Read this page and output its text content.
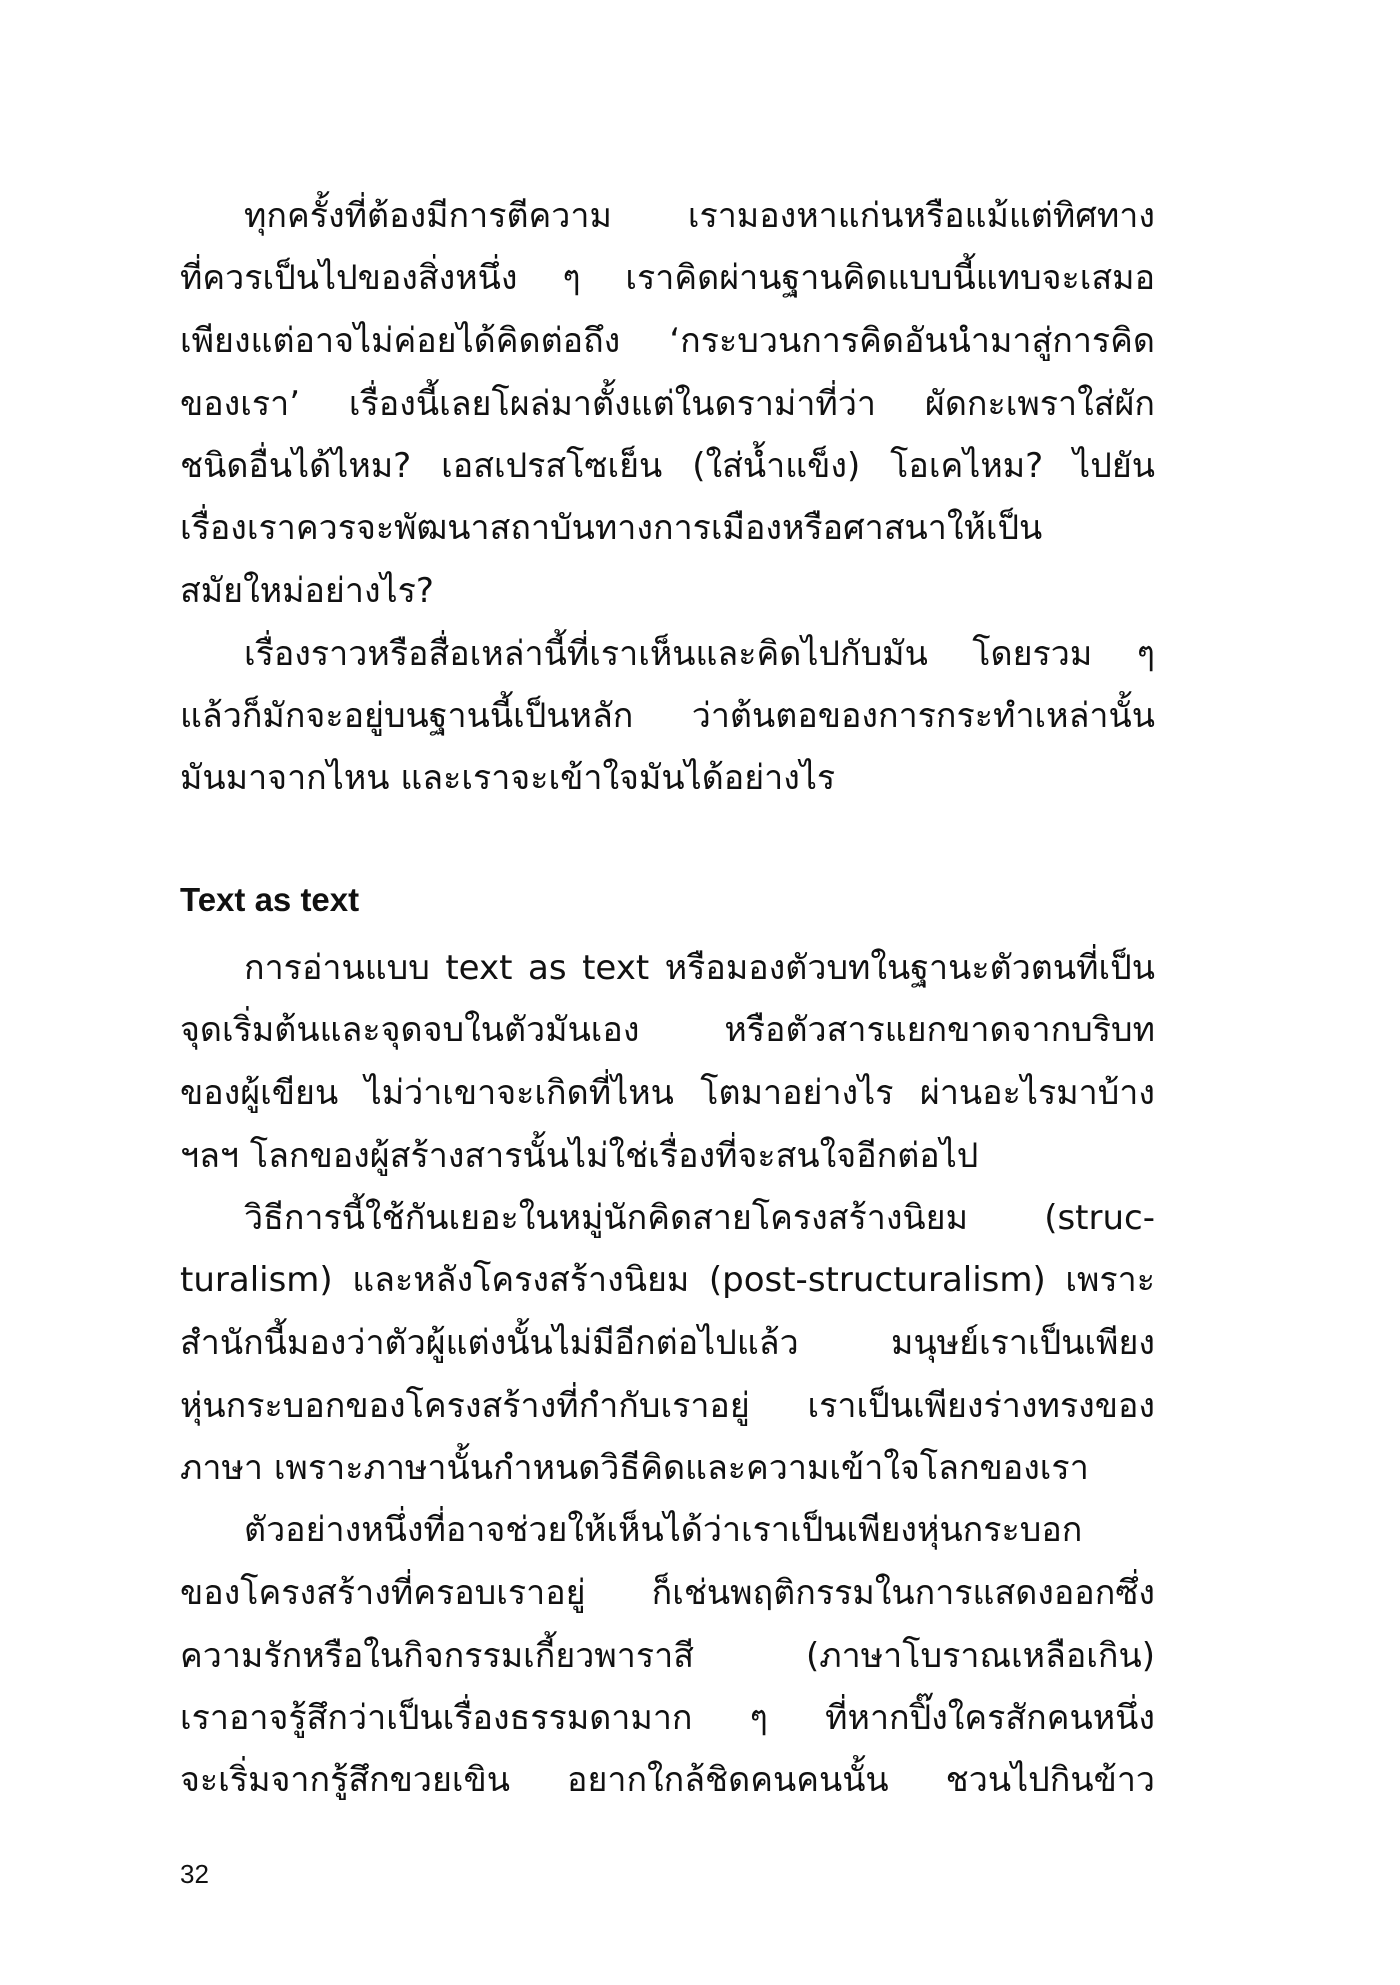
ทุกครั้งที่ต้องมีการตีความ เรามองหาแก่นหรือแม้แต่ทิศทาง
ที่ควรเป็นไปของสิ่งหนึ่ง ๆ เราคิดผ่านฐานคิดแบบนี้แทบจะเสมอ
เพียงแต่อาจไม่ค่อยได้คิดต่อถึง ‘กระบวนการคิดอันนำมาสู่การคิด
ของเรา’ เรื่องนี้เลยโผล่มาตั้งแต่ในดราม่าที่ว่า ผัดกะเพราใส่ผัก
ชนิดอื่นได้ไหม? เอสเปรสโซเย็น (ใส่น้ำแข็ง) โอเคไหม? ไปยัน
เรื่องเราควรจะพัฒนาสถาบันทางการเมืองหรือศาสนาให้เป็น
สมัยใหม่อย่างไร?
เรื่องราวหรือสื่อเหล่านี้ที่เราเห็นและคิดไปกับมัน โดยรวม ๆ
แล้วก็มักจะอยู่บนฐานนี้เป็นหลัก ว่าต้นตอของการกระทำเหล่านั้น
มันมาจากไหน และเราจะเข้าใจมันได้อย่างไร
Text as text
การอ่านแบบ text as text หรือมองตัวบทในฐานะตัวตนที่เป็น
จุดเริ่มต้นและจุดจบในตัวมันเอง หรือตัวสารแยกขาดจากบริบท
ของผู้เขียน ไม่ว่าเขาจะเกิดที่ไหน โตมาอย่างไร ผ่านอะไรมาบ้าง
ฯลฯ โลกของผู้สร้างสารนั้นไม่ใช่เรื่องที่จะสนใจอีกต่อไป
วิธีการนี้ใช้กันเยอะในหมู่นักคิดสายโครงสร้างนิยม (struc-
turalism) และหลังโครงสร้างนิยม (post-structuralism) เพราะ
สำนักนี้มองว่าตัวผู้แต่งนั้นไม่มีอีกต่อไปแล้ว มนุษย์เราเป็นเพียง
หุ่นกระบอกของโครงสร้างที่กำกับเราอยู่ เราเป็นเพียงร่างทรงของ
ภาษา เพราะภาษานั้นกำหนดวิธีคิดและความเข้าใจโลกของเรา
ตัวอย่างหนึ่งที่อาจช่วยให้เห็นได้ว่าเราเป็นเพียงหุ่นกระบอก
ของโครงสร้างที่ครอบเราอยู่ ก็เช่นพฤติกรรมในการแสดงออกซึ่ง
ความรักหรือในกิจกรรมเกี้ยวพาราสี (ภาษาโบราณเหลือเกิน)
เราอาจรู้สึกว่าเป็นเรื่องธรรมดามาก ๆ ที่หากปิ๊งใครสักคนหนึ่ง
จะเริ่มจากรู้สึกขวยเขิน อยากใกล้ชิดคนคนนั้น ชวนไปกินข้าว
32
